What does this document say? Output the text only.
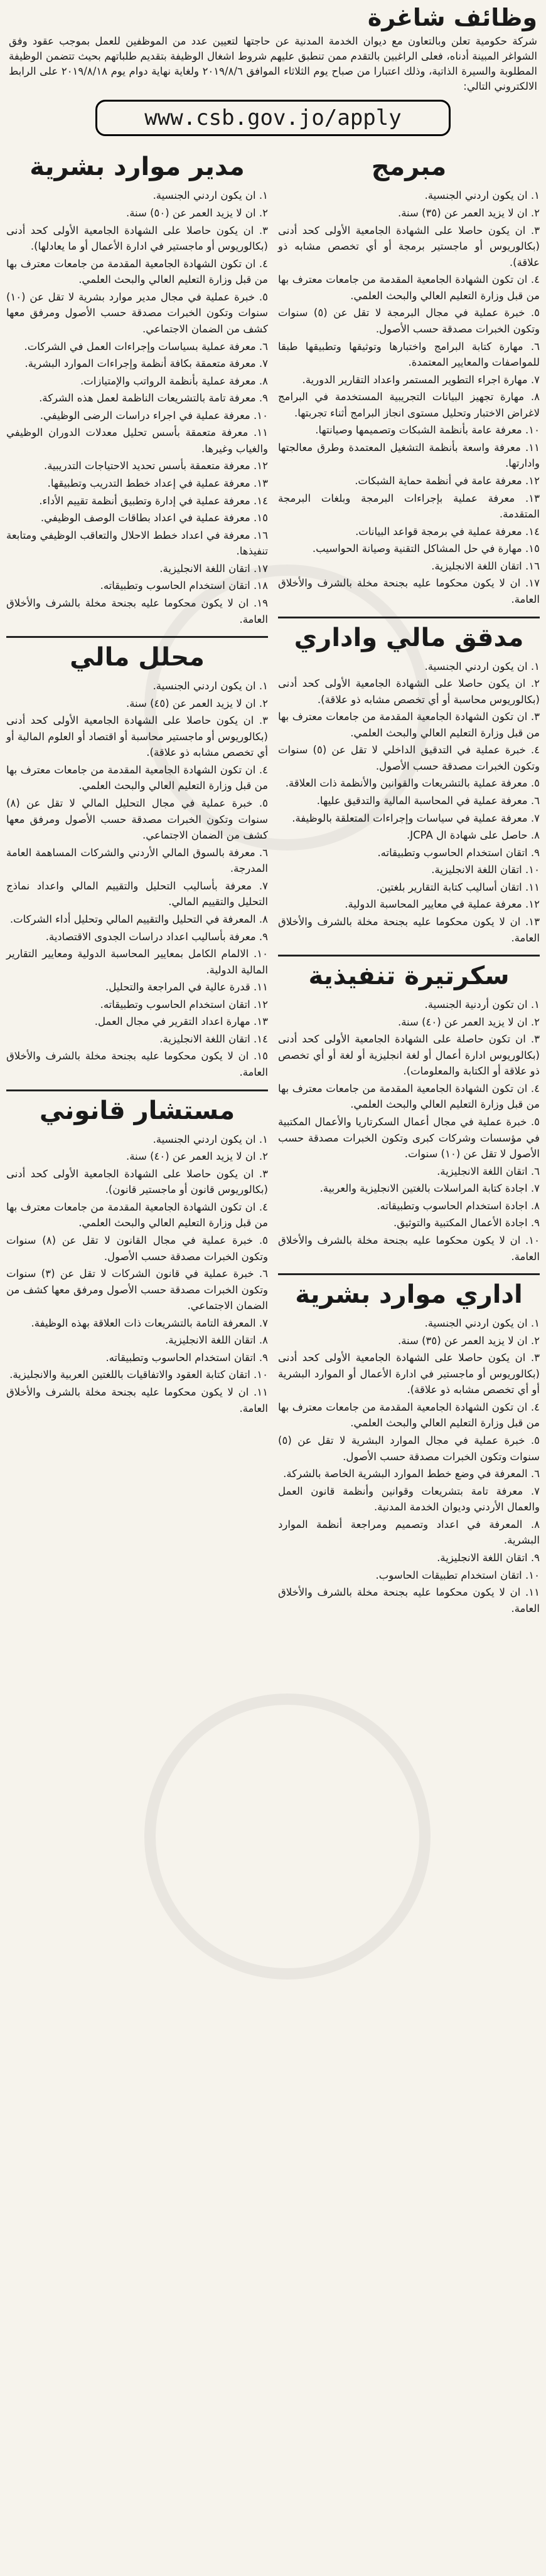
وظائف شاغرة

شركة حكومية تعلن وبالتعاون مع ديوان الخدمة المدنية عن حاجتها لتعيين عدد من الموظفين للعمل بموجب عقود وفق الشواغر المبينة أدناه، فعلى الراغبين بالتقدم ممن تنطبق عليهم شروط اشغال الوظيفة بتقديم طلباتهم بحيث تتضمن الوظيفة المطلوبة والسيرة الذاتية، وذلك اعتبارا من صباح يوم الثلاثاء الموافق ٢٠١٩/٨/٦ ولغاية نهاية دوام يوم ٢٠١٩/٨/١٨ على الرابط الالكتروني التالي:

www.csb.gov.jo/apply
مبرمج
١. ان يكون اردني الجنسية.
٢. ان لا يزيد العمر عن (٣٥) سنة.
٣. ان يكون حاصلا على الشهادة الجامعية الأولى كحد أدنى (بكالوريوس أو ماجستير برمجة أو أي تخصص مشابه ذو علاقة).
٤. ان تكون الشهادة الجامعية المقدمة من جامعات معترف بها من قبل وزارة التعليم العالي والبحث العلمي.
٥. خبرة عملية في مجال البرمجة لا تقل عن (٥) سنوات وتكون الخبرات مصدقة حسب الأصول.
٦. مهارة كتابة البرامج واختبارها وتوثيقها وتطبيقها طبقا للمواصفات والمعايير المعتمدة.
٧. مهارة اجراء التطوير المستمر واعداد التقارير الدورية.
٨. مهارة تجهيز البيانات التجريبية المستخدمة في البرامج لاغراض الاختبار وتحليل مستوى انجاز البرامج أثناء تجربتها.
١٠. معرفة عامة بأنظمة الشبكات وتصميمها وصيانتها.
١١. معرفة واسعة بأنظمة التشغيل المعتمدة وطرق معالجتها وادارتها.
١٢. معرفة عامة في أنظمة حماية الشبكات.
١٣. معرفة عملية بإجراءات البرمجة وبلغات البرمجة المتقدمة.
١٤. معرفة عملية في برمجة قواعد البيانات.
١٥. مهارة في حل المشاكل التقنية وصيانة الحواسيب.
١٦. اتقان اللغة الانجليزية.
١٧. ان لا يكون محكوما عليه بجنحة مخلة بالشرف والأخلاق العامة.
مدقق مالي واداري
١. ان يكون اردني الجنسية.
٢. ان يكون حاصلا على الشهادة الجامعية الأولى كحد أدنى (بكالوريوس محاسبة أو أي تخصص مشابه ذو علاقة).
٣. ان تكون الشهادة الجامعية المقدمة من جامعات معترف بها من قبل وزارة التعليم العالي والبحث العلمي.
٤. خبرة عملية في التدقيق الداخلي لا تقل عن (٥) سنوات وتكون الخبرات مصدقة حسب الأصول.
٥. معرفة عملية بالتشريعات والقوانين والأنظمة ذات العلاقة.
٦. معرفة عملية في المحاسبة المالية والتدقيق عليها.
٧. معرفة عملية في سياسات وإجراءات المتعلقة بالوظيفة.
٨. حاصل على شهادة ال JCPA.
٩. اتقان استخدام الحاسوب وتطبيقاته.
١٠. اتقان اللغة الانجليزية.
١١. اتقان أساليب كتابة التقارير بلغتين.
١٢. معرفة عملية في معايير المحاسبة الدولية.
١٣. ان لا يكون محكوما عليه بجنحة مخلة بالشرف والأخلاق العامة.
سكرتيرة تنفيذية
١. ان تكون أردنية الجنسية.
٢. ان لا يزيد العمر عن (٤٠) سنة.
٣. ان تكون حاصلة على الشهادة الجامعية الأولى كحد أدنى (بكالوريوس ادارة أعمال أو لغة انجليزية أو لغة أو أي تخصص ذو علاقة أو الكتابة والمعلومات).
٤. ان تكون الشهادة الجامعية المقدمة من جامعات معترف بها من قبل وزارة التعليم العالي والبحث العلمي.
٥. خبرة عملية في مجال أعمال السكرتاريا والأعمال المكتبية في مؤسسات وشركات كبرى وتكون الخبرات مصدقة حسب الأصول لا تقل عن (١٠) سنوات.
٦. اتقان اللغة الانجليزية.
٧. اجادة كتابة المراسلات بالغتين الانجليزية والعربية.
٨. اجادة استخدام الحاسوب وتطبيقاته.
٩. اجادة الأعمال المكتبية والتوثيق.
١٠. ان لا يكون محكوما عليه بجنحة مخلة بالشرف والأخلاق العامة.
اداري موارد بشرية
١. ان يكون اردني الجنسية.
٢. ان لا يزيد العمر عن (٣٥) سنة.
٣. ان يكون حاصلا على الشهادة الجامعية الأولى كحد أدنى (بكالوريوس أو ماجستير في ادارة الأعمال أو الموارد البشرية أو أي تخصص مشابه ذو علاقة).
٤. ان تكون الشهادة الجامعية المقدمة من جامعات معترف بها من قبل وزارة التعليم العالي والبحث العلمي.
٥. خبرة عملية في مجال الموارد البشرية لا تقل عن (٥) سنوات وتكون الخبرات مصدقة حسب الأصول.
٦. المعرفة في وضع خطط الموارد البشرية الخاصة بالشركة.
٧. معرفة تامة بتشريعات وقوانين وأنظمة قانون العمل والعمال الأردني وديوان الخدمة المدنية.
٨. المعرفة في اعداد وتصميم ومراجعة أنظمة الموارد البشرية.
٩. اتقان اللغة الانجليزية.
١٠. اتقان استخدام تطبيقات الحاسوب.
١١. ان لا يكون محكوما عليه بجنحة مخلة بالشرف والأخلاق العامة.
مدير موارد بشرية
١. ان يكون اردني الجنسية.
٢. ان لا يزيد العمر عن (٥٠) سنة.
٣. ان يكون حاصلا على الشهادة الجامعية الأولى كحد أدنى (بكالوريوس أو ماجستير في ادارة الأعمال أو ما يعادلها).
٤. ان تكون الشهادة الجامعية المقدمة من جامعات معترف بها من قبل وزارة التعليم العالي والبحث العلمي.
٥. خبرة عملية في مجال مدير موارد بشرية لا تقل عن (١٠) سنوات وتكون الخبرات مصدقة حسب الأصول ومرفق معها كشف من الضمان الاجتماعي.
٦. معرفة عملية بسياسات وإجراءات العمل في الشركات.
٧. معرفة متعمقة بكافة أنظمة وإجراءات الموارد البشرية.
٨. معرفة عملية بأنظمة الرواتب والإمتيازات.
٩. معرفة تامة بالتشريعات الناظمة لعمل هذه الشركة.
١٠. معرفة عملية في اجراء دراسات الرضى الوظيفي.
١١. معرفة متعمقة بأسس تحليل معدلات الدوران الوظيفي والغياب وغيرها.
١٢. معرفة متعمقة بأسس تحديد الاحتياجات التدريبية.
١٣. معرفة عملية في إعداد خطط التدريب وتطبيقها.
١٤. معرفة عملية في إدارة وتطبيق أنظمة تقييم الأداء.
١٥. معرفة عملية في اعداد بطاقات الوصف الوظيفي.
١٦. معرفة في اعداد خطط الاحلال والتعاقب الوظيفي ومتابعة تنفيذها.
١٧. اتقان اللغة الانجليزية.
١٨. اتقان استخدام الحاسوب وتطبيقاته.
١٩. ان لا يكون محكوما عليه بجنحة مخلة بالشرف والأخلاق العامة.
محلل مالي
١. ان يكون اردني الجنسية.
٢. ان لا يزيد العمر عن (٤٥) سنة.
٣. ان يكون حاصلا على الشهادة الجامعية الأولى كحد أدنى (بكالوريوس أو ماجستير محاسبة أو اقتصاد أو العلوم المالية أو أي تخصص مشابه ذو علاقة).
٤. ان تكون الشهادة الجامعية المقدمة من جامعات معترف بها من قبل وزارة التعليم العالي والبحث العلمي.
٥. خبرة عملية في مجال التحليل المالي لا تقل عن (٨) سنوات وتكون الخبرات مصدقة حسب الأصول ومرفق معها كشف من الضمان الاجتماعي.
٦. معرفة بالسوق المالي الأردني والشركات المساهمة العامة المدرجة.
٧. معرفة بأساليب التحليل والتقييم المالي واعداد نماذج التحليل والتقييم المالي.
٨. المعرفة في التحليل والتقييم المالي وتحليل أداء الشركات.
٩. معرفة بأساليب اعداد دراسات الجدوى الاقتصادية.
١٠. الالمام الكامل بمعايير المحاسبة الدولية ومعايير التقارير المالية الدولية.
١١. قدرة عالية في المراجعة والتحليل.
١٢. اتقان استخدام الحاسوب وتطبيقاته.
١٣. مهارة اعداد التقرير في مجال العمل.
١٤. اتقان اللغة الانجليزية.
١٥. ان لا يكون محكوما عليه بجنحة مخلة بالشرف والأخلاق العامة.
مستشار قانوني
١. ان يكون اردني الجنسية.
٢. ان لا يزيد العمر عن (٤٠) سنة.
٣. ان يكون حاصلا على الشهادة الجامعية الأولى كحد أدنى (بكالوريوس قانون أو ماجستير قانون).
٤. ان تكون الشهادة الجامعية المقدمة من جامعات معترف بها من قبل وزارة التعليم العالي والبحث العلمي.
٥. خبرة عملية في مجال القانون لا تقل عن (٨) سنوات وتكون الخبرات مصدقة حسب الأصول.
٦. خبرة عملية في قانون الشركات لا تقل عن (٣) سنوات وتكون الخبرات مصدقة حسب الأصول ومرفق معها كشف من الضمان الاجتماعي.
٧. المعرفة التامة بالتشريعات ذات العلاقة بهذه الوظيفة.
٨. اتقان اللغة الانجليزية.
٩. اتقان استخدام الحاسوب وتطبيقاته.
١٠. اتقان كتابة العقود والاتفاقيات باللغتين العربية والانجليزية.
١١. ان لا يكون محكوما عليه بجنحة مخلة بالشرف والأخلاق العامة.
